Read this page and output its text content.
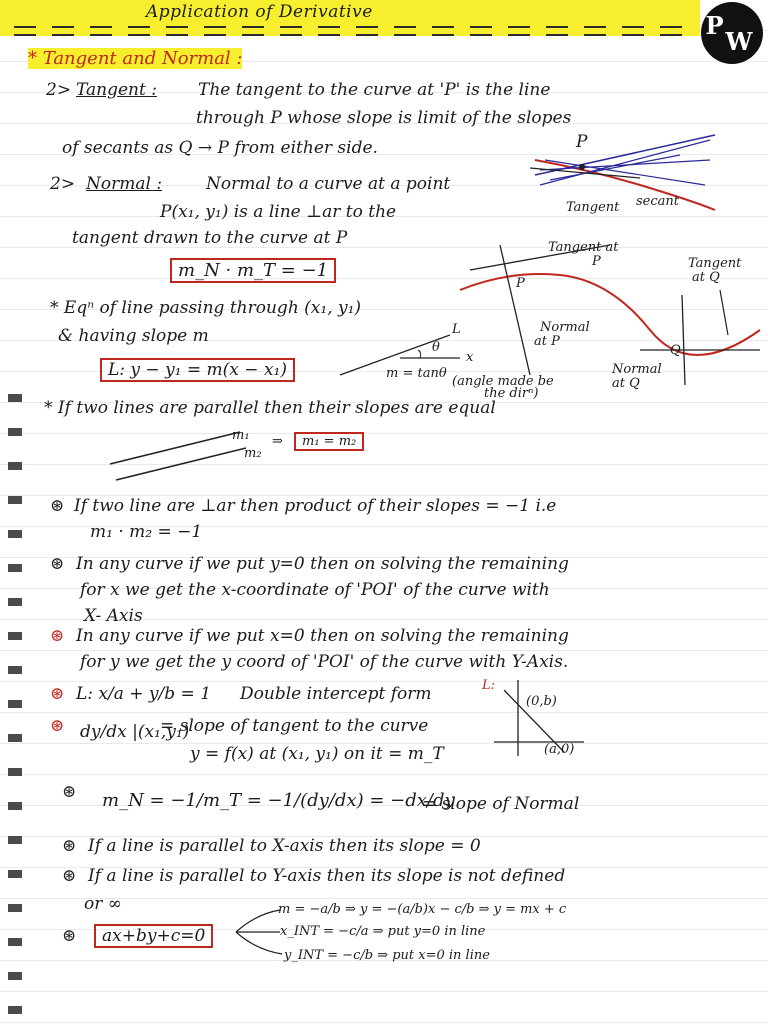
Application of Derivative	P
W
* Tangent and Normal :
2> Tangent : The tangent to the curve at 'P' is the line
through P whose slope is limit of the slopes
of secants as Q → P from either side.	P
secant
Tangent
2> Normal :	Normal to a curve at a point
P(x₁, y₁) is a line ⊥ar to the
tangent drawn to the curve at P
m_N · m_T = −1
Tangent at
P	Tangent
at Q
P
Q
Normal
at P
Normal
at Q
* Eqⁿ of line passing through (x₁, y₁)
& having slope m
L: y − y₁ = m(x − x₁)
θ
x
L
m = tanθ
(angle made be
the dirⁿ)
* If two lines are parallel then their slopes are equal
m₁
m₂
⇒	m₁ = m₂
⊛ If two line are ⊥ar then product of their slopes = −1 i.e
m₁ · m₂ = −1
⊛ In any curve if we put y=0 then on solving the remaining
for x we get the x-coordinate of 'POI' of the curve with
X- Axis
⊛ In any curve if we put x=0 then on solving the remaining
for y we get the y coord of 'POI' of the curve with Y-Axis.
⊛ L: x/a + y/b = 1 Double intercept form	L:
(0,b)
(a,0)
⊛ dy/dx |(x₁,y₁)
= slope of tangent to the curve
y = f(x) at (x₁, y₁) on it = m_T
⊛ m_N = −1/m_T = −1/(dy/dx) = −dx/dy
= slope of Normal
⊛ If a line is parallel to X-axis then its slope = 0
⊛ If a line is parallel to Y-axis then its slope is not defined
or ∞
⊛	ax+by+c=0
m = −a/b ⇒ y = −(a/b)x − c/b ⇒ y = mx + c
x_INT = −c/a ⇒ put y=0 in line
y_INT = −c/b ⇒ put x=0 in line
